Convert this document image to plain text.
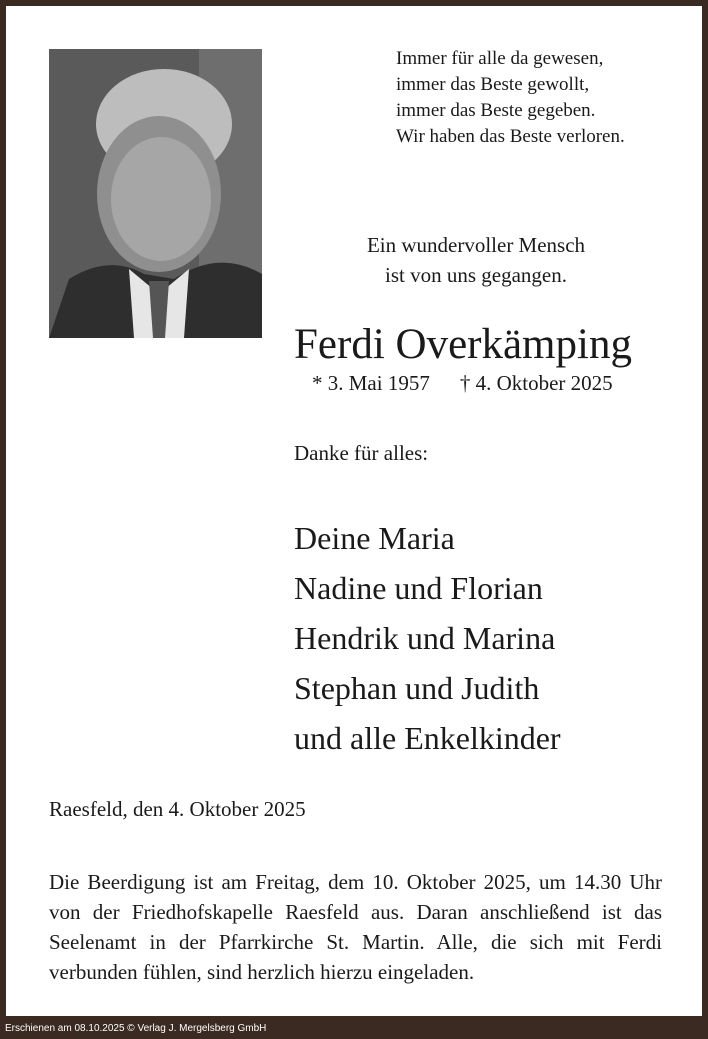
Immer für alle da gewesen,
immer das Beste gewollt,
immer das Beste gegeben.
Wir haben das Beste verloren.
Ein wundervoller Mensch
ist von uns gegangen.
Ferdi Overkämping
* 3. Mai 1957 † 4. Oktober 2025
Danke für alles:
Deine Maria
Nadine und Florian
Hendrik und Marina
Stephan und Judith
und alle Enkelkinder
Raesfeld, den 4. Oktober 2025
Die Beerdigung ist am Freitag, dem 10. Oktober 2025, um 14.30 Uhr von der Friedhofskapelle Raesfeld aus. Daran anschließend ist das Seelenamt in der Pfarrkirche St. Martin. Alle, die sich mit Ferdi verbunden fühlen, sind herzlich hierzu eingeladen.
Erschienen am 08.10.2025 © Verlag J. Mergelsberg GmbH
